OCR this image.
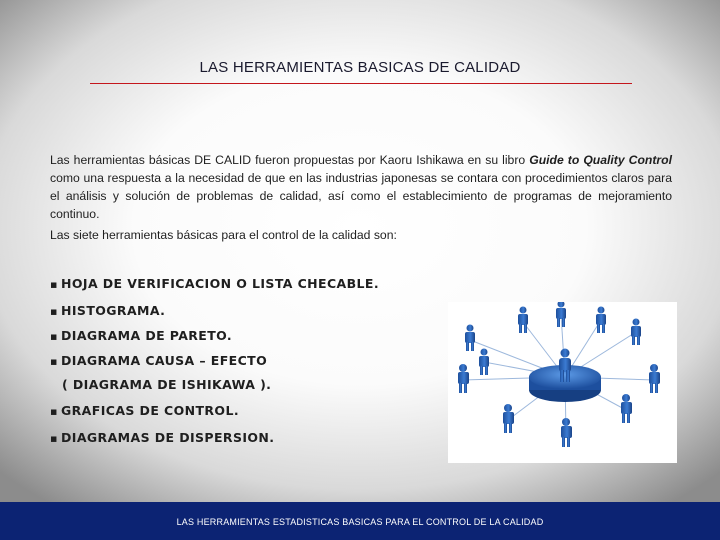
LAS HERRAMIENTAS BASICAS DE CALIDAD

Las herramientas básicas DE CALID fueron propuestas por Kaoru Ishikawa en su libro Guide to Quality Control como una respuesta a la necesidad de que en las industrias japonesas se contara con procedimientos claros para el análisis y solución de problemas de calidad, así como el establecimiento de programas de mejoramiento continuo.

Las siete herramientas básicas para el control de la calidad son:

▪ HOJA DE VERIFICACION O LISTA CHECABLE.
▪ HISTOGRAMA.
▪ DIAGRAMA DE PARETO.
▪ DIAGRAMA CAUSA – EFECTO
( DIAGRAMA DE ISHIKAWA ).
▪ GRAFICAS DE CONTROL.
▪ DIAGRAMAS DE DISPERSION.
LAS HERRAMIENTAS ESTADISTICAS BASICAS PARA EL CONTROL DE LA CALIDAD
